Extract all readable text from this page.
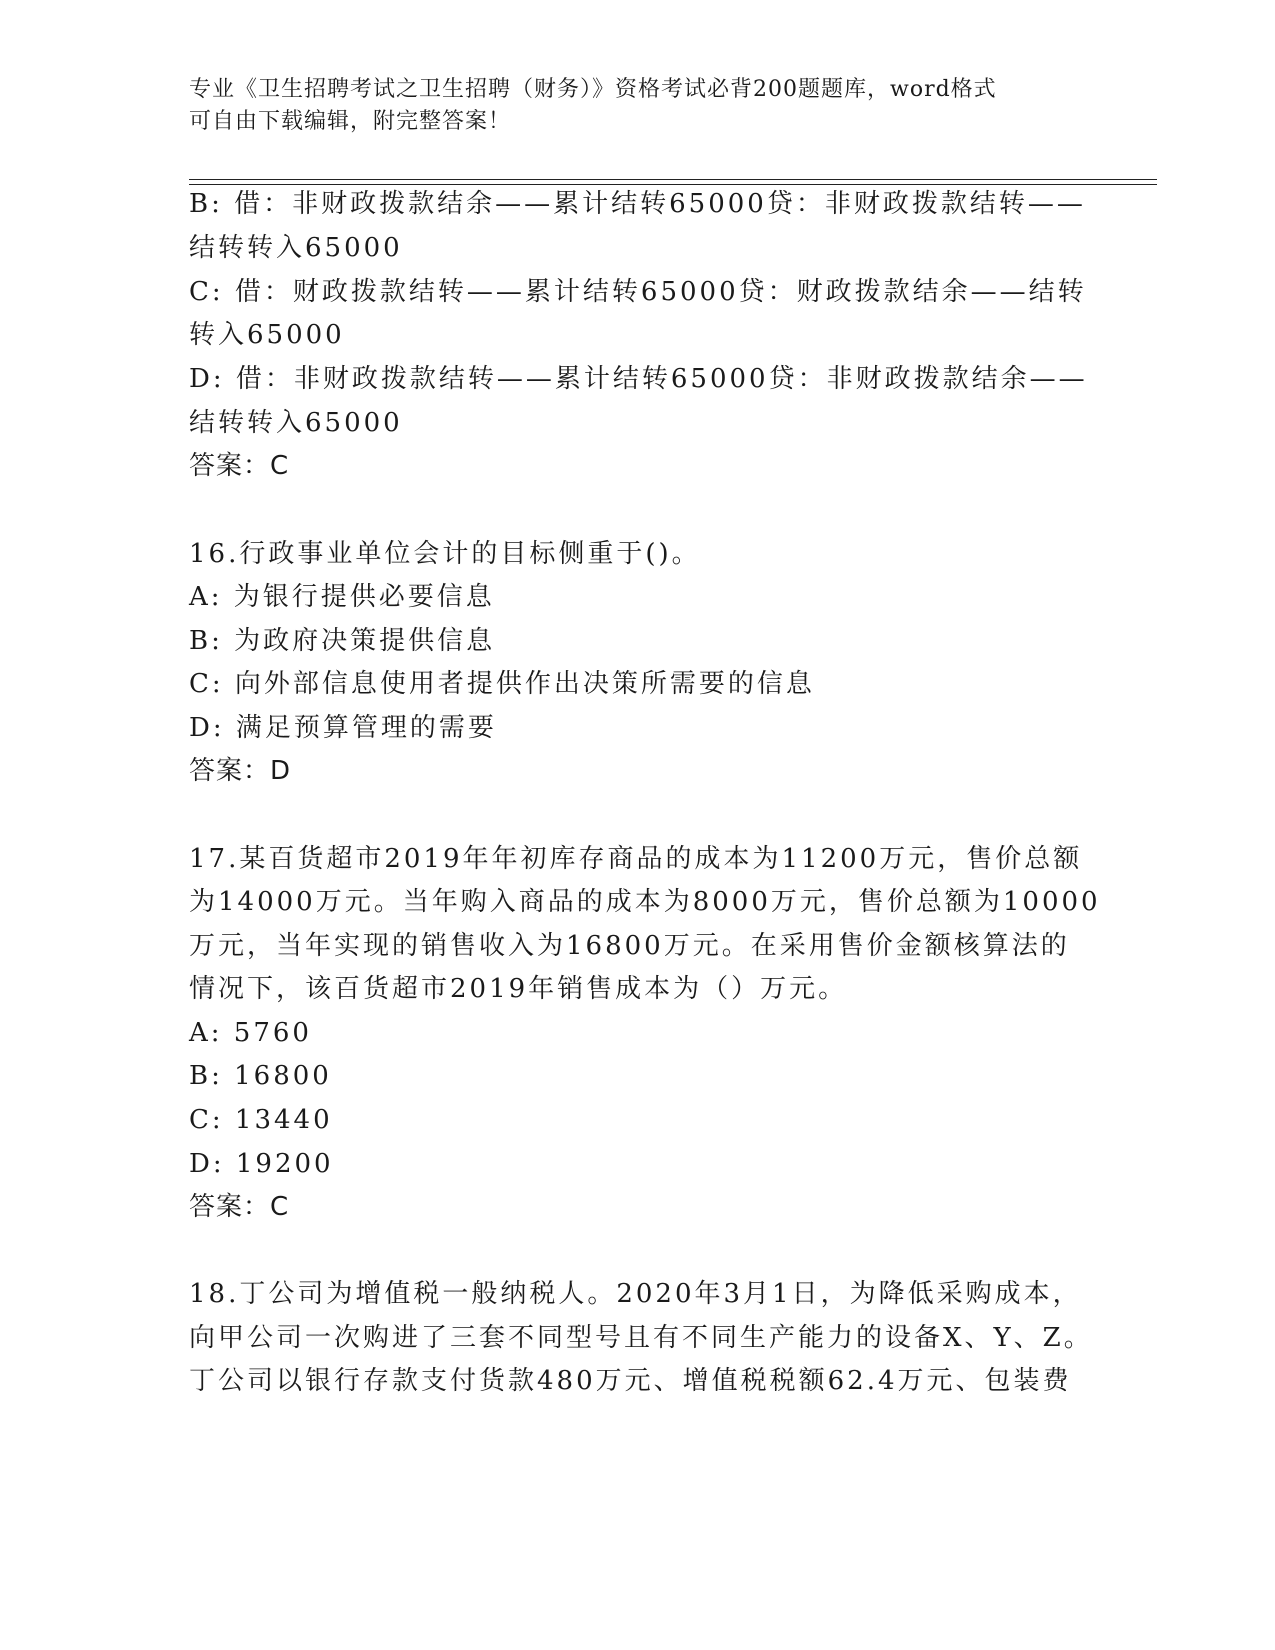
专业《卫生招聘考试之卫生招聘（财务）》资格考试必背200题题库，word格式
可自由下载编辑，附完整答案！
B: 借：非财政拨款结余——累计结转65000贷：非财政拨款结转——
结转转入65000
C: 借：财政拨款结转——累计结转65000贷：财政拨款结余——结转
转入65000
D: 借：非财政拨款结转——累计结转65000贷：非财政拨款结余——
结转转入65000
答案：C
16.行政事业单位会计的目标侧重于()。
A: 为银行提供必要信息
B: 为政府决策提供信息
C: 向外部信息使用者提供作出决策所需要的信息
D: 满足预算管理的需要
答案：D
17.某百货超市2019年年初库存商品的成本为11200万元，售价总额
为14000万元。当年购入商品的成本为8000万元，售价总额为10000
万元，当年实现的销售收入为16800万元。在采用售价金额核算法的
情况下，该百货超市2019年销售成本为（）万元。
A: 5760
B: 16800
C: 13440
D: 19200
答案：C
18.丁公司为增值税一般纳税人。2020年3月1日，为降低采购成本，
向甲公司一次购进了三套不同型号且有不同生产能力的设备X、Y、Z。
丁公司以银行存款支付货款480万元、增值税税额62.4万元、包装费
